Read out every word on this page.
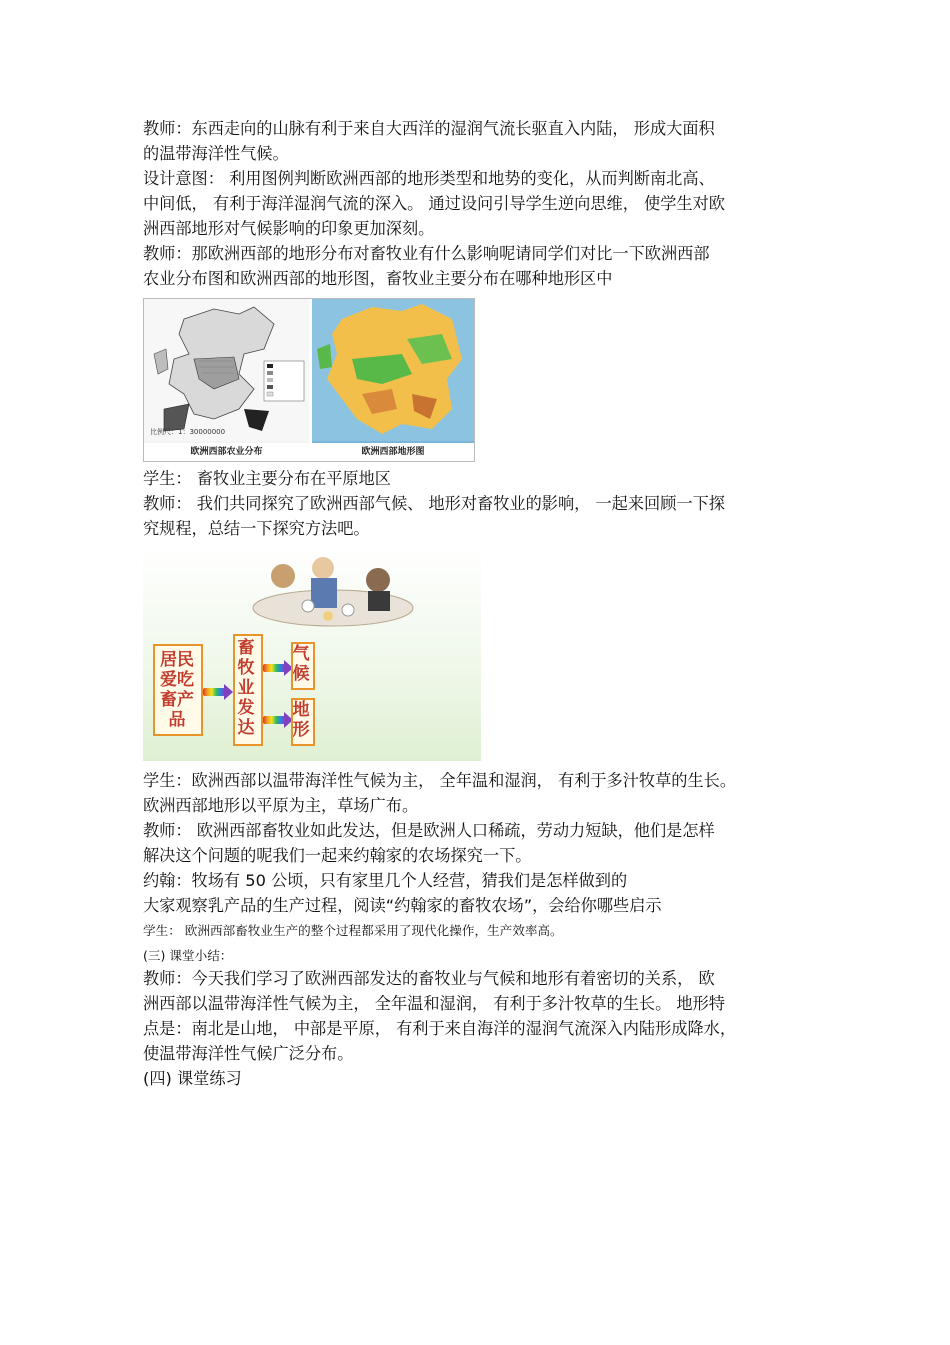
教师：东西走向的山脉有利于来自大西洋的湿润气流长驱直入内陆， 形成大面积
的温带海洋性气候。
设计意图： 利用图例判断欧洲西部的地形类型和地势的变化，从而判断南北高、
中间低， 有利于海洋湿润气流的深入。 通过设问引导学生逆向思维， 使学生对欧
洲西部地形对气候影响的印象更加深刻。
教师：那欧洲西部的地形分布对畜牧业有什么影响呢请同学们对比一下欧洲西部
农业分布图和欧洲西部的地形图，畜牧业主要分布在哪种地形区中
比例尺：1：30000000
欧洲西部农业分布	欧洲西部地形图
学生： 畜牧业主要分布在平原地区
教师： 我们共同探究了欧洲西部气候、 地形对畜牧业的影响， 一起来回顾一下探
究规程，总结一下探究方法吧。
居民
爱吃
畜产
品
畜
牧
业
发
达
气
候
地
形
学生：欧洲西部以温带海洋性气候为主， 全年温和湿润， 有利于多汁牧草的生长。
欧洲西部地形以平原为主，草场广布。
教师： 欧洲西部畜牧业如此发达，但是欧洲人口稀疏，劳动力短缺，他们是怎样
解决这个问题的呢我们一起来约翰家的农场探究一下。
约翰：牧场有 50 公顷，只有家里几个人经营，猜我们是怎样做到的
大家观察乳产品的生产过程，阅读“约翰家的畜牧农场”，会给你哪些启示
学生： 欧洲西部畜牧业生产的整个过程都采用了现代化操作，生产效率高。
(三) 课堂小结：
教师：今天我们学习了欧洲西部发达的畜牧业与气候和地形有着密切的关系， 欧
洲西部以温带海洋性气候为主， 全年温和湿润， 有利于多汁牧草的生长。 地形特
点是：南北是山地， 中部是平原， 有利于来自海洋的湿润气流深入内陆形成降水，
使温带海洋性气候广泛分布。
(四) 课堂练习
